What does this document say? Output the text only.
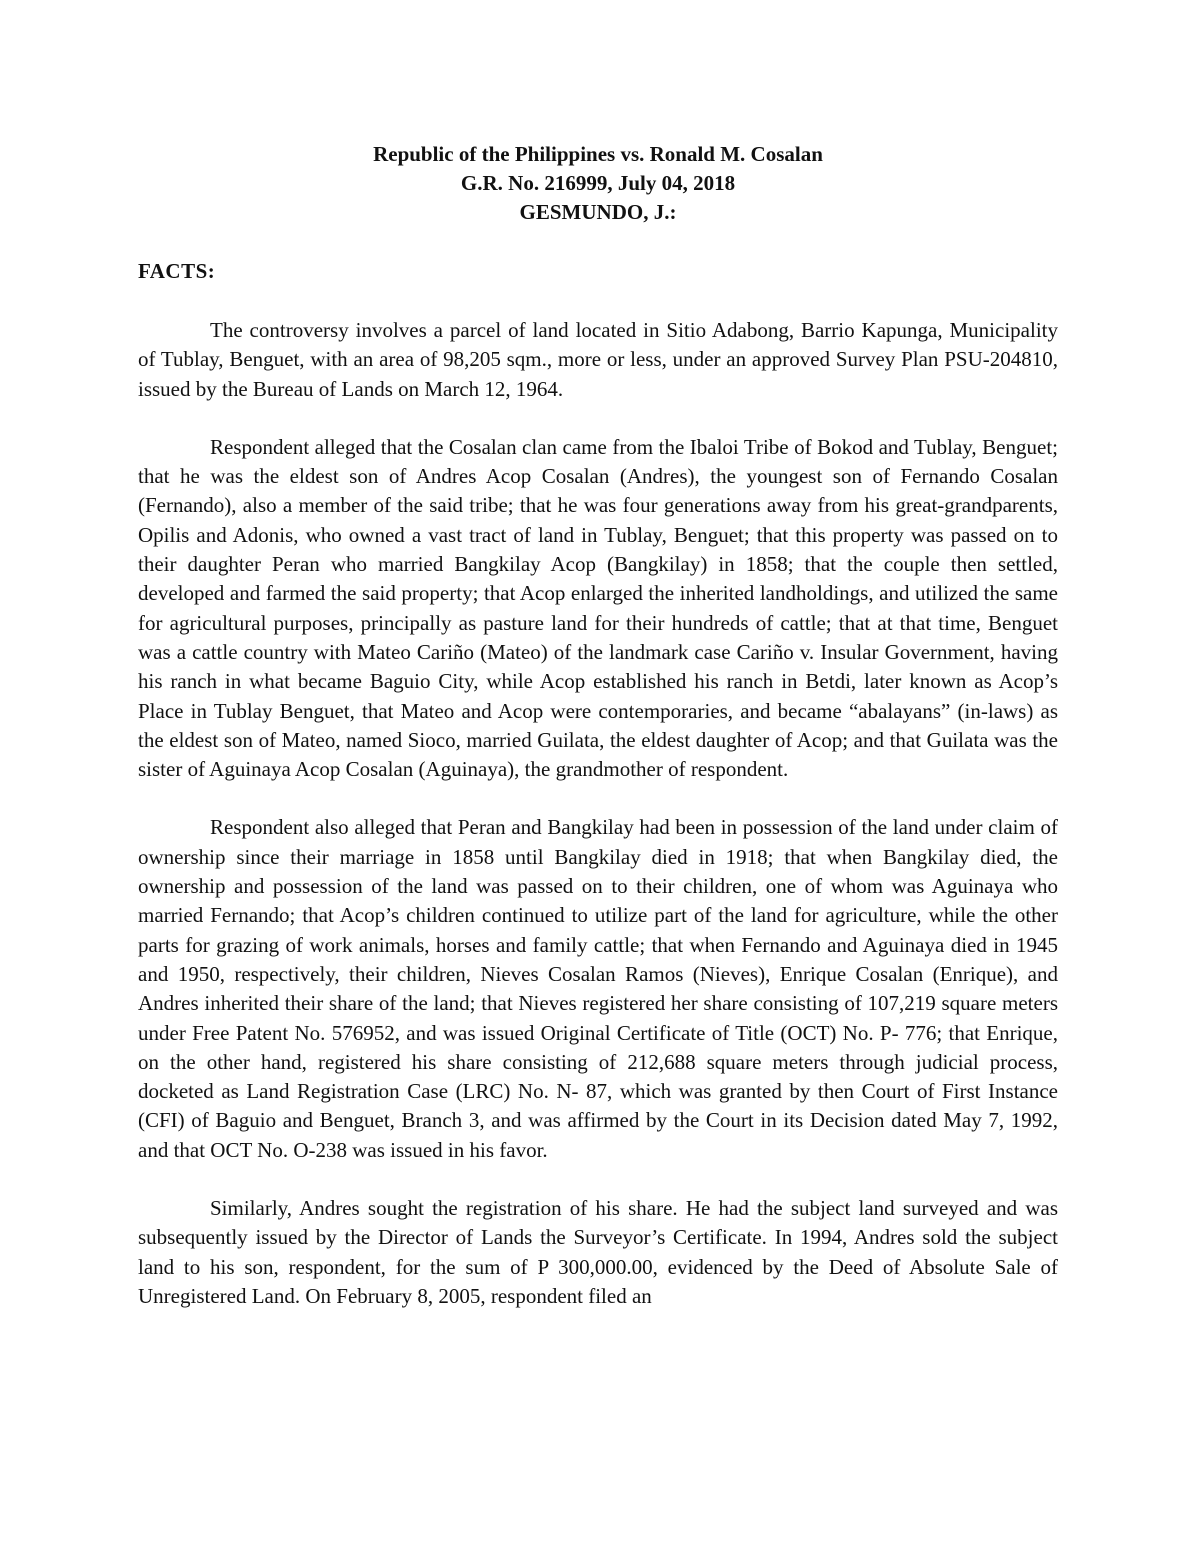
Republic of the Philippines vs. Ronald M. Cosalan
G.R. No. 216999, July 04, 2018
GESMUNDO, J.:
FACTS:

The controversy involves a parcel of land located in Sitio Adabong, Barrio Kapunga, Municipality of Tublay, Benguet, with an area of 98,205 sqm., more or less, under an approved Survey Plan PSU-204810, issued by the Bureau of Lands on March 12, 1964.

Respondent alleged that the Cosalan clan came from the Ibaloi Tribe of Bokod and Tublay, Benguet; that he was the eldest son of Andres Acop Cosalan (Andres), the youngest son of Fernando Cosalan (Fernando), also a member of the said tribe; that he was four generations away from his great-grandparents, Opilis and Adonis, who owned a vast tract of land in Tublay, Benguet; that this property was passed on to their daughter Peran who married Bangkilay Acop (Bangkilay) in 1858; that the couple then settled, developed and farmed the said property; that Acop enlarged the inherited landholdings, and utilized the same for agricultural purposes, principally as pasture land for their hundreds of cattle; that at that time, Benguet was a cattle country with Mateo Cariño (Mateo) of the landmark case Cariño v. Insular Government, having his ranch in what became Baguio City, while Acop established his ranch in Betdi, later known as Acop’s Place in Tublay Benguet, that Mateo and Acop were contemporaries, and became “abalayans” (in-laws) as the eldest son of Mateo, named Sioco, married Guilata, the eldest daughter of Acop; and that Guilata was the sister of Aguinaya Acop Cosalan (Aguinaya), the grandmother of respondent.

Respondent also alleged that Peran and Bangkilay had been in possession of the land under claim of ownership since their marriage in 1858 until Bangkilay died in 1918; that when Bangkilay died, the ownership and possession of the land was passed on to their children, one of whom was Aguinaya who married Fernando; that Acop’s children continued to utilize part of the land for agriculture, while the other parts for grazing of work animals, horses and family cattle; that when Fernando and Aguinaya died in 1945 and 1950, respectively, their children, Nieves Cosalan Ramos (Nieves), Enrique Cosalan (Enrique), and Andres inherited their share of the land; that Nieves registered her share consisting of 107,219 square meters under Free Patent No. 576952, and was issued Original Certificate of Title (OCT) No. P- 776; that Enrique, on the other hand, registered his share consisting of 212,688 square meters through judicial process, docketed as Land Registration Case (LRC) No. N- 87, which was granted by then Court of First Instance (CFI) of Baguio and Benguet, Branch 3, and was affirmed by the Court in its Decision dated May 7, 1992, and that OCT No. O-238 was issued in his favor.

Similarly, Andres sought the registration of his share. He had the subject land surveyed and was subsequently issued by the Director of Lands the Surveyor’s Certificate. In 1994, Andres sold the subject land to his son, respondent, for the sum of P 300,000.00, evidenced by the Deed of Absolute Sale of Unregistered Land. On February 8, 2005, respondent filed an
